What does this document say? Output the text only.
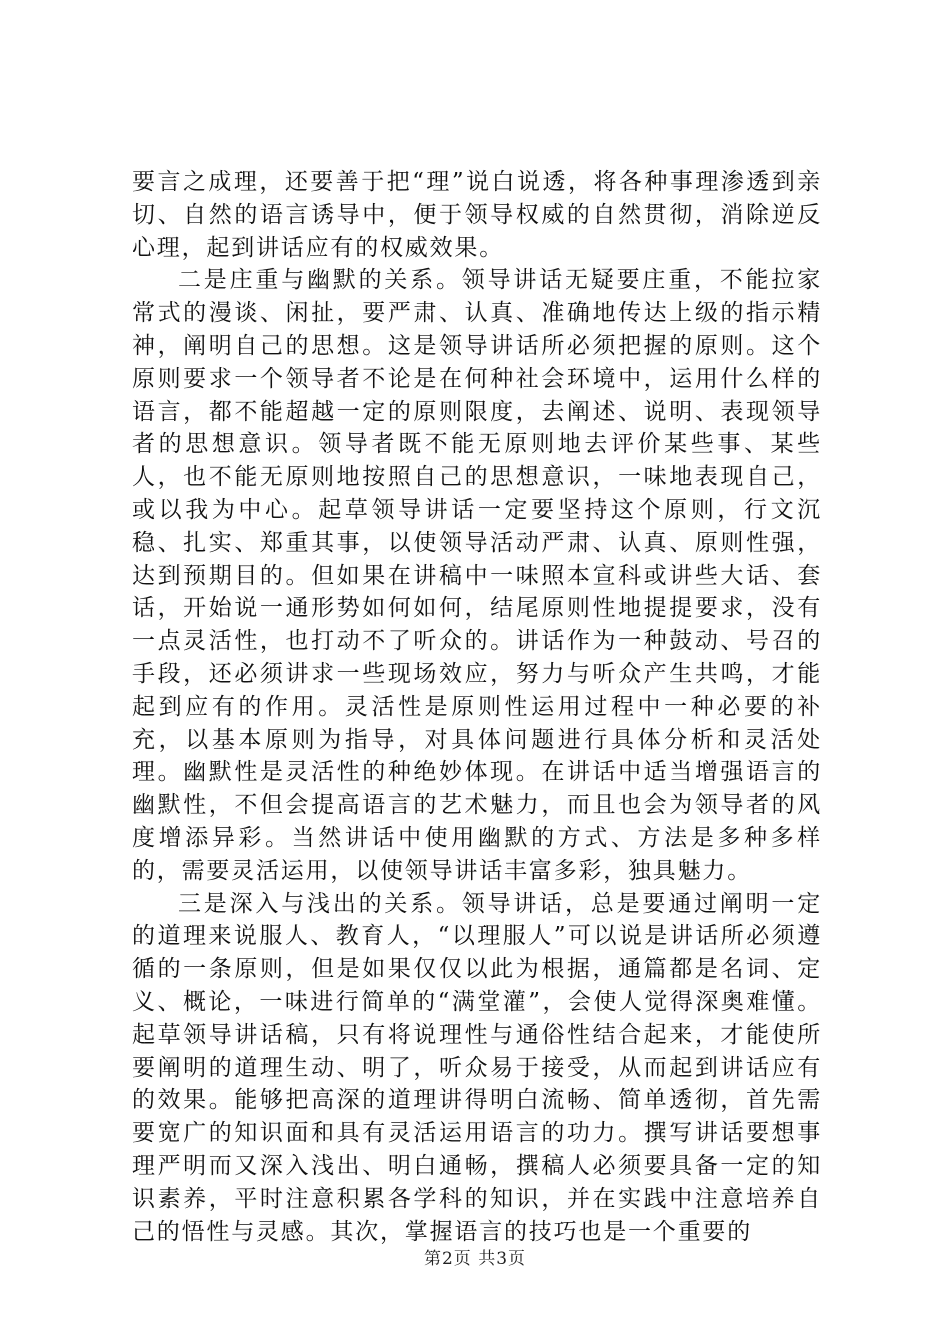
要言之成理，还要善于把“理”说白说透，将各种事理渗透到亲切、自然的语言诱导中，便于领导权威的自然贯彻，消除逆反心理，起到讲话应有的权威效果。

二是庄重与幽默的关系。领导讲话无疑要庄重，不能拉家常式的漫谈、闲扯，要严肃、认真、准确地传达上级的指示精神，阐明自己的思想。这是领导讲话所必须把握的原则。这个原则要求一个领导者不论是在何种社会环境中，运用什么样的语言，都不能超越一定的原则限度，去阐述、说明、表现领导者的思想意识。领导者既不能无原则地去评价某些事、某些人，也不能无原则地按照自己的思想意识，一味地表现自己，或以我为中心。起草领导讲话一定要坚持这个原则，行文沉稳、扎实、郑重其事，以使领导活动严肃、认真、原则性强，达到预期目的。但如果在讲稿中一味照本宣科或讲些大话、套话，开始说一通形势如何如何，结尾原则性地提提要求，没有一点灵活性，也打动不了听众的。讲话作为一种鼓动、号召的手段，还必须讲求一些现场效应，努力与听众产生共鸣，才能起到应有的作用。灵活性是原则性运用过程中一种必要的补充，以基本原则为指导，对具体问题进行具体分析和灵活处理。幽默性是灵活性的种绝妙体现。在讲话中适当增强语言的幽默性，不但会提高语言的艺术魅力，而且也会为领导者的风度增添异彩。当然讲话中使用幽默的方式、方法是多种多样的，需要灵活运用，以使领导讲话丰富多彩，独具魅力。

三是深入与浅出的关系。领导讲话，总是要通过阐明一定的道理来说服人、教育人，“以理服人”可以说是讲话所必须遵循的一条原则，但是如果仅仅以此为根据，通篇都是名词、定义、概论，一味进行简单的“满堂灌”，会使人觉得深奥难懂。起草领导讲话稿，只有将说理性与通俗性结合起来，才能使所要阐明的道理生动、明了，听众易于接受，从而起到讲话应有的效果。能够把高深的道理讲得明白流畅、简单透彻，首先需要宽广的知识面和具有灵活运用语言的功力。撰写讲话要想事理严明而又深入浅出、明白通畅，撰稿人必须要具备一定的知识素养，平时注意积累各学科的知识，并在实践中注意培养自己的悟性与灵感。其次，掌握语言的技巧也是一个重要的

第2页 共3页
